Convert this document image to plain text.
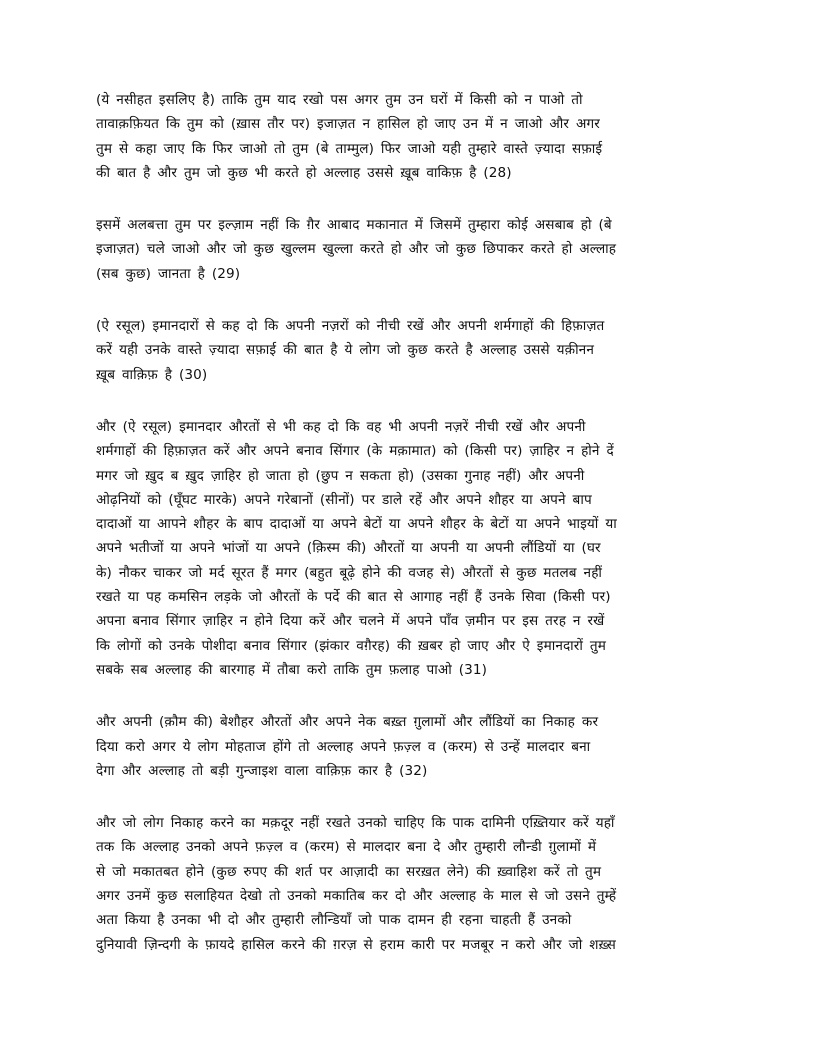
(ये नसीहत इसलिए है) ताकि तुम याद रखो पस अगर तुम उन घरों में किसी को न पाओ तो
तावाक़फ़ियत कि तुम को (ख़ास तौर पर) इजाज़त न हासिल हो जाए उन में न जाओ और अगर
तुम से कहा जाए कि फिर जाओ तो तुम (बे ताम्मुल) फिर जाओ यही तुम्हारे वास्ते ज़्यादा सफ़ाई
की बात है और तुम जो कुछ भी करते हो अल्लाह उससे ख़ूब वाकिफ़ है (28)
इसमें अलबत्ता तुम पर इल्ज़ाम नहीं कि ग़ैर आबाद मकानात में जिसमें तुम्हारा कोई असबाब हो (बे
इजाज़त) चले जाओ और जो कुछ खुल्लम खुल्ला करते हो और जो कुछ छिपाकर करते हो अल्लाह
(सब कुछ) जानता है (29)
(ऐ रसूल) इमानदारों से कह दो कि अपनी नज़रों को नीची रखें और अपनी शर्मगाहों की हिफ़ाज़त
करें यही उनके वास्ते ज़्यादा सफ़ाई की बात है ये लोग जो कुछ करते है अल्लाह उससे यक़ीनन
ख़ूब वाक़िफ़ है (30)
और (ऐ रसूल) इमानदार औरतों से भी कह दो कि वह भी अपनी नज़रें नीची रखें और अपनी
शर्मगाहों की हिफ़ाज़त करें और अपने बनाव सिंगार (के मक़ामात) को (किसी पर) ज़ाहिर न होने दें
मगर जो ख़ुद ब ख़ुद ज़ाहिर हो जाता हो (छुप न सकता हो) (उसका गुनाह नहीं) और अपनी
ओढ़नियों को (घूँघट मारके) अपने गरेबानों (सीनों) पर डाले रहें और अपने शौहर या अपने बाप
दादाओं या आपने शौहर के बाप दादाओं या अपने बेटों या अपने शौहर के बेटों या अपने भाइयों या
अपने भतीजों या अपने भांजों या अपने (क़िस्म की) औरतों या अपनी या अपनी लौंडियों या (घर
के) नौकर चाकर जो मर्द सूरत हैं मगर (बहुत बूढ़े होने की वजह से) औरतों से कुछ मतलब नहीं
रखते या पह कमसिन लड़के जो औरतों के पर्दे की बात से आगाह नहीं हैं उनके सिवा (किसी पर)
अपना बनाव सिंगार ज़ाहिर न होने दिया करें और चलने में अपने पाँव ज़मीन पर इस तरह न रखें
कि लोगों को उनके पोशीदा बनाव सिंगार (झंकार वग़ैरह) की ख़बर हो जाए और ऐ इमानदारों तुम
सबके सब अल्लाह की बारगाह में तौबा करो ताकि तुम फ़लाह पाओ (31)
और अपनी (क़ौम की) बेशौहर औरतों और अपने नेक बख़्त ग़ुलामों और लौंडियों का निकाह कर
दिया करो अगर ये लोग मोहताज होंगे तो अल्लाह अपने फ़ज़्ल व (करम) से उन्हें मालदार बना
देगा और अल्लाह तो बड़ी गुन्जाइश वाला वाक़िफ़ कार है (32)
और जो लोग निकाह करने का मक़दूर नहीं रखते उनको चाहिए कि पाक दामिनी एख़्तियार करें यहाँ
तक कि अल्लाह उनको अपने फ़ज़्ल व (करम) से मालदार बना दे और तुम्हारी लौन्डी ग़ुलामों में
से जो मकातबत होने (कुछ रुपए की शर्त पर आज़ादी का सरख़त लेने) की ख़्वाहिश करें तो तुम
अगर उनमें कुछ सलाहियत देखो तो उनको मकातिब कर दो और अल्लाह के माल से जो उसने तुम्हें
अता किया है उनका भी दो और तुम्हारी लौन्डियाँ जो पाक दामन ही रहना चाहती हैं उनको
दुनियावी ज़िन्दगी के फ़ायदे हासिल करने की ग़रज़ से हराम कारी पर मजबूर न करो और जो शख़्स
